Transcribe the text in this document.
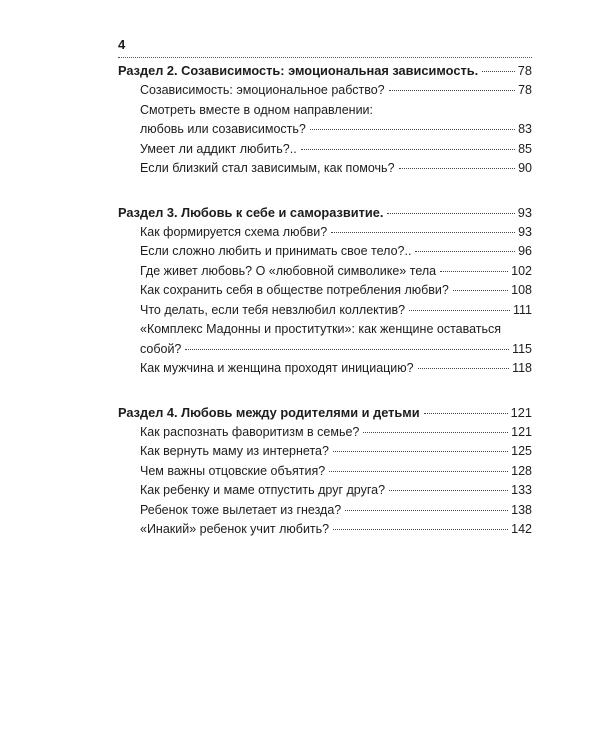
4
Раздел 2. Созависимость: эмоциональная зависимость.	78
Созависимость: эмоциональное рабство?	78
Смотреть вместе в одном направлении:
любовь или созависимость?	83
Умеет ли аддикт любить?..	85
Если близкий стал зависимым, как помочь?	90
Раздел 3. Любовь к себе и саморазвитие.	93
Как формируется схема любви?	93
Если сложно любить и принимать свое тело?..	96
Где живет любовь? О «любовной символике» тела	102
Как сохранить себя в обществе потребления любви?	108
Что делать, если тебя невзлюбил коллектив?	111
«Комплекс Мадонны и проститутки»: как женщине оставаться
собой?	115
Как мужчина и женщина проходят инициацию?	118
Раздел 4. Любовь между родителями и детьми	121
Как распознать фаворитизм в семье?	121
Как вернуть маму из интернета?	125
Чем важны отцовские объятия?	128
Как ребенку и маме отпустить друг друга?	133
Ребенок тоже вылетает из гнезда?	138
«Инакий» ребенок учит любить?	142
